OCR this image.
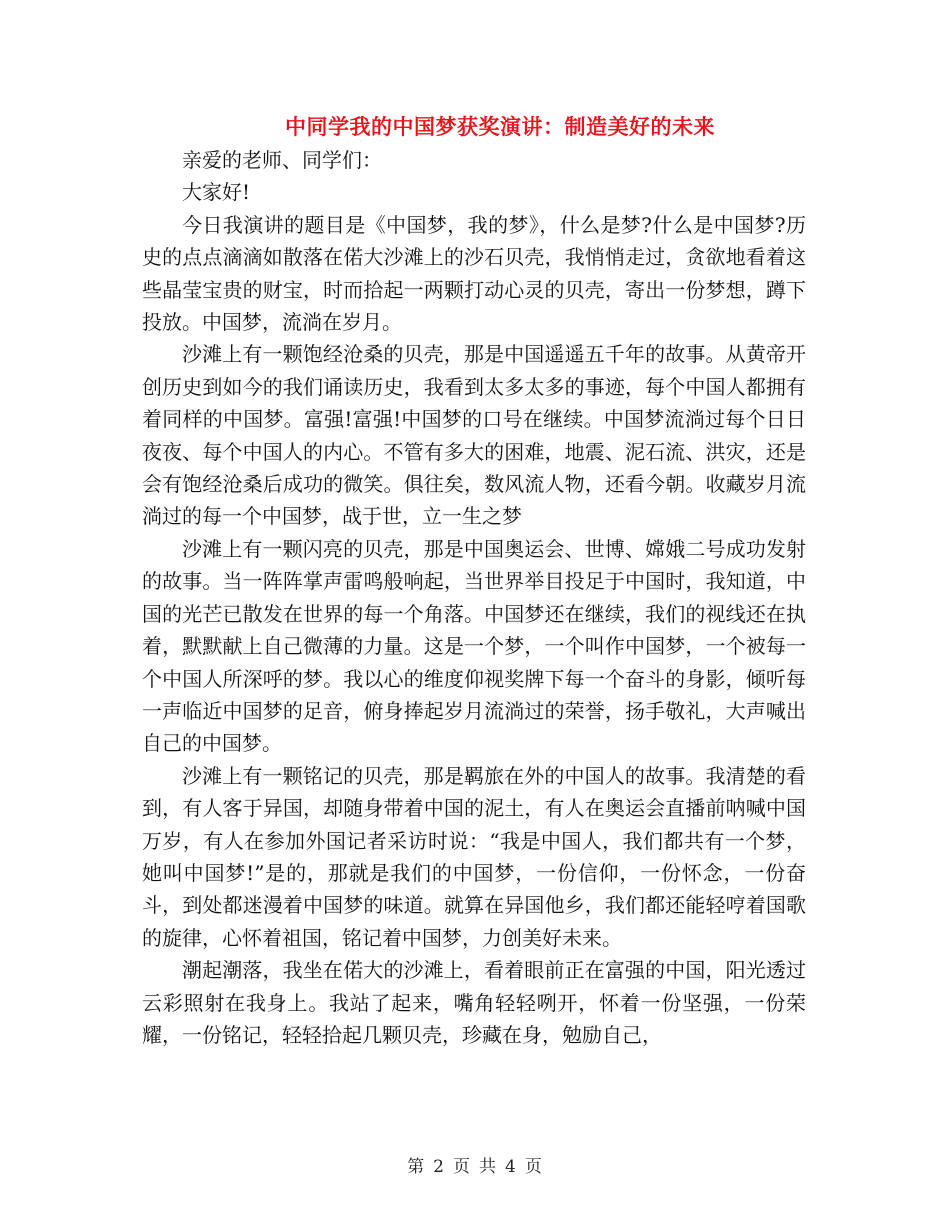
中同学我的中国梦获奖演讲：制造美好的未来

亲爱的老师、同学们：

大家好!

今日我演讲的题目是《中国梦，我的梦》，什么是梦?什么是中国梦?历史的点点滴滴如散落在偌大沙滩上的沙石贝壳，我悄悄走过，贪欲地看着这些晶莹宝贵的财宝，时而拾起一两颗打动心灵的贝壳，寄出一份梦想，蹲下投放。中国梦，流淌在岁月。

沙滩上有一颗饱经沧桑的贝壳，那是中国遥遥五千年的故事。从黄帝开创历史到如今的我们诵读历史，我看到太多太多的事迹，每个中国人都拥有着同样的中国梦。富强!富强!中国梦的口号在继续。中国梦流淌过每个日日夜夜、每个中国人的内心。不管有多大的困难，地震、泥石流、洪灾，还是会有饱经沧桑后成功的微笑。俱往矣，数风流人物，还看今朝。收藏岁月流淌过的每一个中国梦，战于世，立一生之梦

沙滩上有一颗闪亮的贝壳，那是中国奥运会、世博、嫦娥二号成功发射的故事。当一阵阵掌声雷鸣般响起，当世界举目投足于中国时，我知道，中国的光芒已散发在世界的每一个角落。中国梦还在继续，我们的视线还在执着，默默献上自己微薄的力量。这是一个梦，一个叫作中国梦，一个被每一个中国人所深呼的梦。我以心的维度仰视奖牌下每一个奋斗的身影，倾听每一声临近中国梦的足音，俯身捧起岁月流淌过的荣誉，扬手敬礼，大声喊出自己的中国梦。

沙滩上有一颗铭记的贝壳，那是羁旅在外的中国人的故事。我清楚的看到，有人客于异国，却随身带着中国的泥土，有人在奥运会直播前呐喊中国万岁，有人在参加外国记者采访时说：“我是中国人，我们都共有一个梦，她叫中国梦!”是的，那就是我们的中国梦，一份信仰，一份怀念，一份奋斗，到处都迷漫着中国梦的味道。就算在异国他乡，我们都还能轻哼着国歌的旋律，心怀着祖国，铭记着中国梦，力创美好未来。

潮起潮落，我坐在偌大的沙滩上，看着眼前正在富强的中国，阳光透过云彩照射在我身上。我站了起来，嘴角轻轻咧开，怀着一份坚强，一份荣耀，一份铭记，轻轻拾起几颗贝壳，珍藏在身，勉励自己，

第 2 页 共 4 页
